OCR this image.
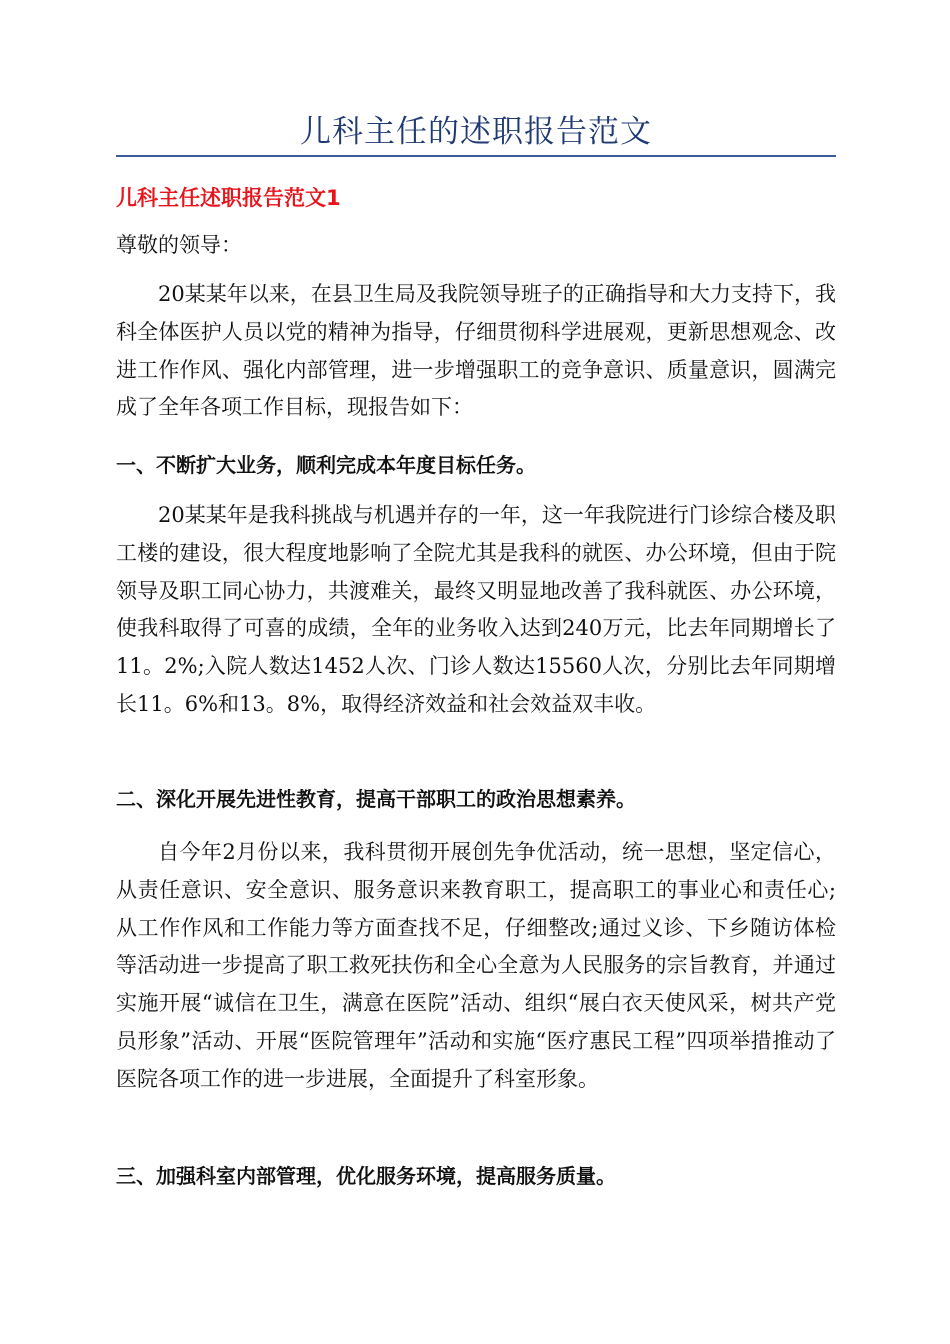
儿科主任的述职报告范文
儿科主任述职报告范文1

尊敬的领导：

20某某年以来，在县卫生局及我院领导班子的正确指导和大力支持下，我科全体医护人员以党的精神为指导，仔细贯彻科学进展观，更新思想观念、改进工作作风、强化内部管理，进一步增强职工的竞争意识、质量意识，圆满完成了全年各项工作目标，现报告如下：

一、不断扩大业务，顺利完成本年度目标任务。

20某某年是我科挑战与机遇并存的一年，这一年我院进行门诊综合楼及职工楼的建设，很大程度地影响了全院尤其是我科的就医、办公环境，但由于院领导及职工同心协力，共渡难关，最终又明显地改善了我科就医、办公环境，使我科取得了可喜的成绩，全年的业务收入达到240万元，比去年同期增长了11。2%;入院人数达1452人次、门诊人数达15560人次，分别比去年同期增长11。6%和13。8%，取得经济效益和社会效益双丰收。

二、深化开展先进性教育，提高干部职工的政治思想素养。

自今年2月份以来，我科贯彻开展创先争优活动，统一思想，坚定信心，从责任意识、安全意识、服务意识来教育职工，提高职工的事业心和责任心;从工作作风和工作能力等方面查找不足，仔细整改;通过义诊、下乡随访体检等活动进一步提高了职工救死扶伤和全心全意为人民服务的宗旨教育，并通过实施开展“诚信在卫生，满意在医院”活动、组织“展白衣天使风采，树共产党员形象”活动、开展“医院管理年”活动和实施“医疗惠民工程”四项举措推动了医院各项工作的进一步进展，全面提升了科室形象。

三、加强科室内部管理，优化服务环境，提高服务质量。
